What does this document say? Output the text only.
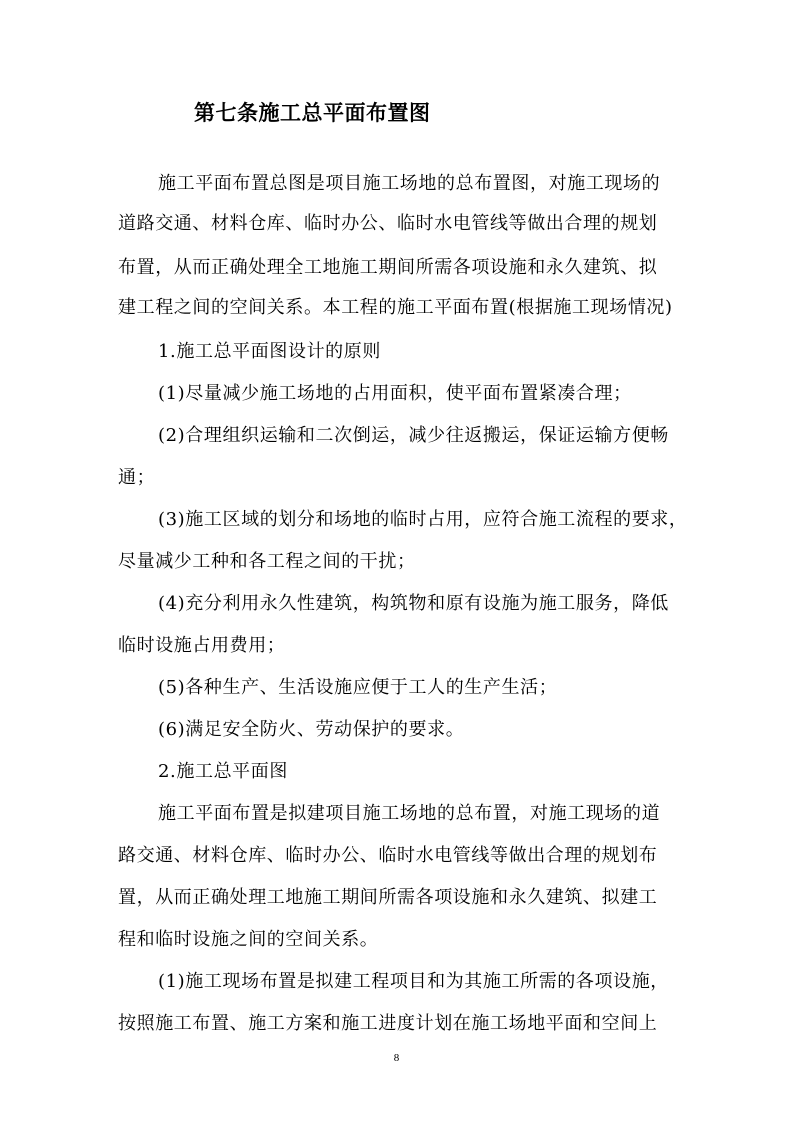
第七条施工总平面布置图
施工平面布置总图是项目施工场地的总布置图，对施工现场的
道路交通、材料仓库、临时办公、临时水电管线等做出合理的规划
布置，从而正确处理全工地施工期间所需各项设施和永久建筑、拟
建工程之间的空间关系。本工程的施工平面布置(根据施工现场情况)
1.施工总平面图设计的原则
(1)尽量减少施工场地的占用面积，使平面布置紧凑合理；
(2)合理组织运输和二次倒运，减少往返搬运，保证运输方便畅
通；
(3)施工区域的划分和场地的临时占用，应符合施工流程的要求，
尽量减少工种和各工程之间的干扰；
(4)充分利用永久性建筑，构筑物和原有设施为施工服务，降低
临时设施占用费用；
(5)各种生产、生活设施应便于工人的生产生活；
(6)满足安全防火、劳动保护的要求。
2.施工总平面图
施工平面布置是拟建项目施工场地的总布置，对施工现场的道
路交通、材料仓库、临时办公、临时水电管线等做出合理的规划布
置，从而正确处理工地施工期间所需各项设施和永久建筑、拟建工
程和临时设施之间的空间关系。
(1)施工现场布置是拟建工程项目和为其施工所需的各项设施，
按照施工布置、施工方案和施工进度计划在施工场地平面和空间上
8
